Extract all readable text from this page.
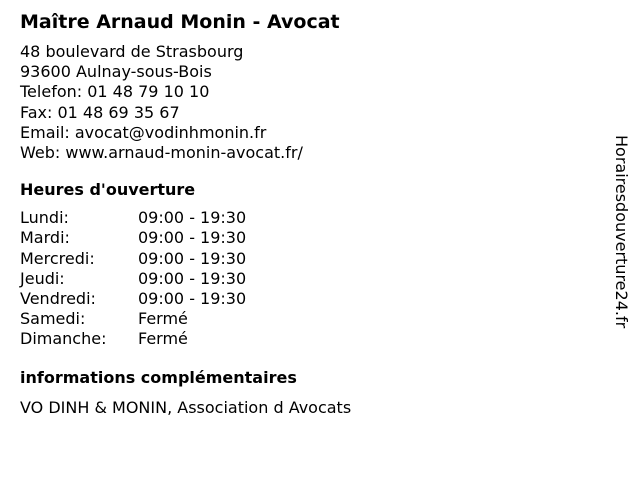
Maître Arnaud Monin - Avocat
48 boulevard de Strasbourg
93600 Aulnay-sous-Bois
Telefon: 01 48 79 10 10
Fax: 01 48 69 35 67
Email: avocat@vodinhmonin.fr
Web: www.arnaud-monin-avocat.fr/
Heures d'ouverture
Lundi:	09:00 - 19:30
Mardi:	09:00 - 19:30
Mercredi:	09:00 - 19:30
Jeudi:	09:00 - 19:30
Vendredi:	09:00 - 19:30
Samedi:	Fermé
Dimanche:	Fermé
informations complémentaires
VO DINH & MONIN, Association d Avocats
Horairesdouverture24.fr
